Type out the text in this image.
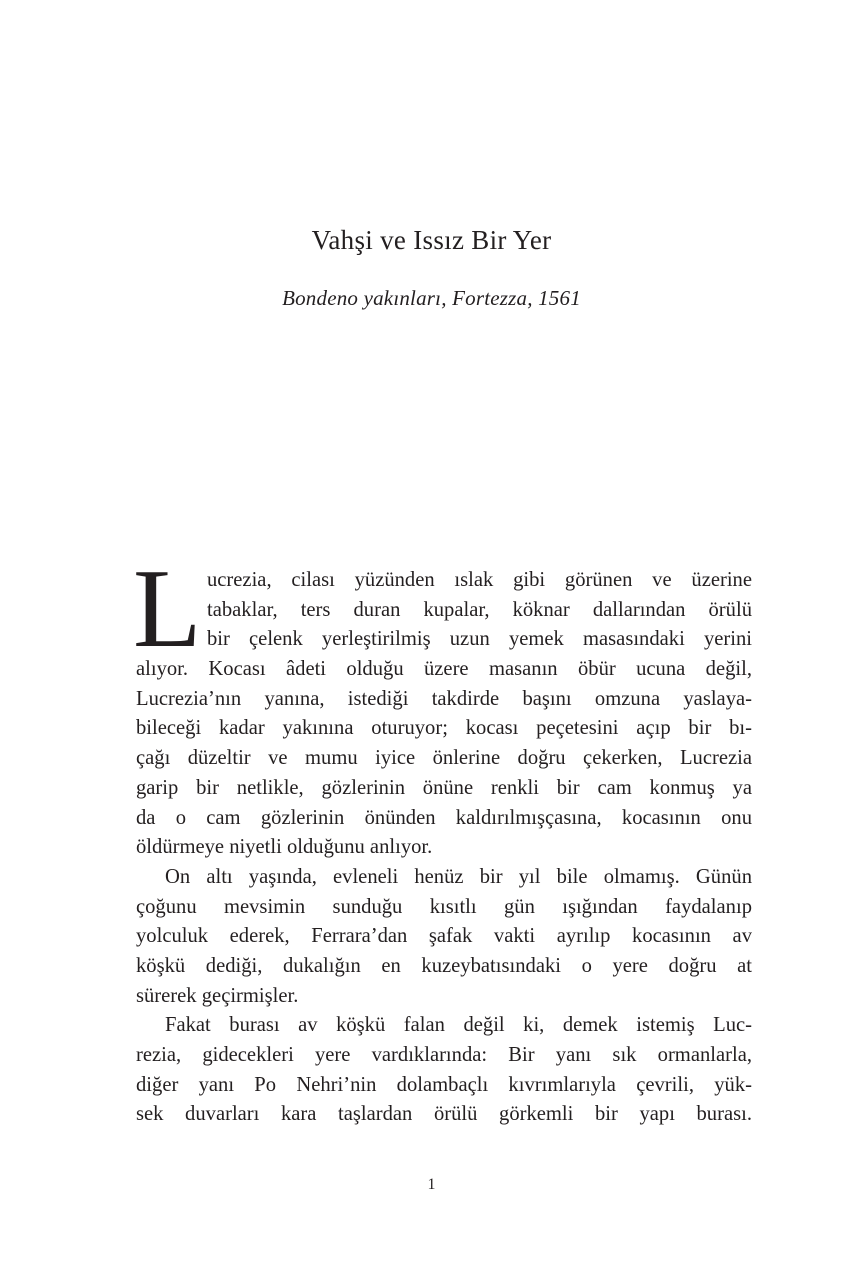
Vahşi ve Issız Bir Yer
Bondeno yakınları, Fortezza, 1561
L ucrezia, cilası yüzünden ıslak gibi görünen ve üzerine
tabaklar, ters duran kupalar, köknar dallarından örülü
bir çelenk yerleştirilmiş uzun yemek masasındaki yerini
alıyor. Kocası âdeti olduğu üzere masanın öbür ucuna değil,
Lucrezia’nın yanına, istediği takdirde başını omzuna yaslaya-
bileceği kadar yakınına oturuyor; kocası peçetesini açıp bir bı-
çağı düzeltir ve mumu iyice önlerine doğru çekerken, Lucrezia
garip bir netlikle, gözlerinin önüne renkli bir cam konmuş ya
da o cam gözlerinin önünden kaldırılmışçasına, kocasının onu
öldürmeye niyetli olduğunu anlıyor.

On altı yaşında, evleneli henüz bir yıl bile olmamış. Günün
çoğunu mevsimin sunduğu kısıtlı gün ışığından faydalanıp
yolculuk ederek, Ferrara’dan şafak vakti ayrılıp kocasının av
köşkü dediği, dukalığın en kuzeybatısındaki o yere doğru at
sürerek geçirmişler.

Fakat burası av köşkü falan değil ki, demek istemiş Luc-
rezia, gidecekleri yere vardıklarında: Bir yanı sık ormanlarla,
diğer yanı Po Nehri’nin dolambaçlı kıvrımlarıyla çevrili, yük-
sek duvarları kara taşlardan örülü görkemli bir yapı burası.

1
